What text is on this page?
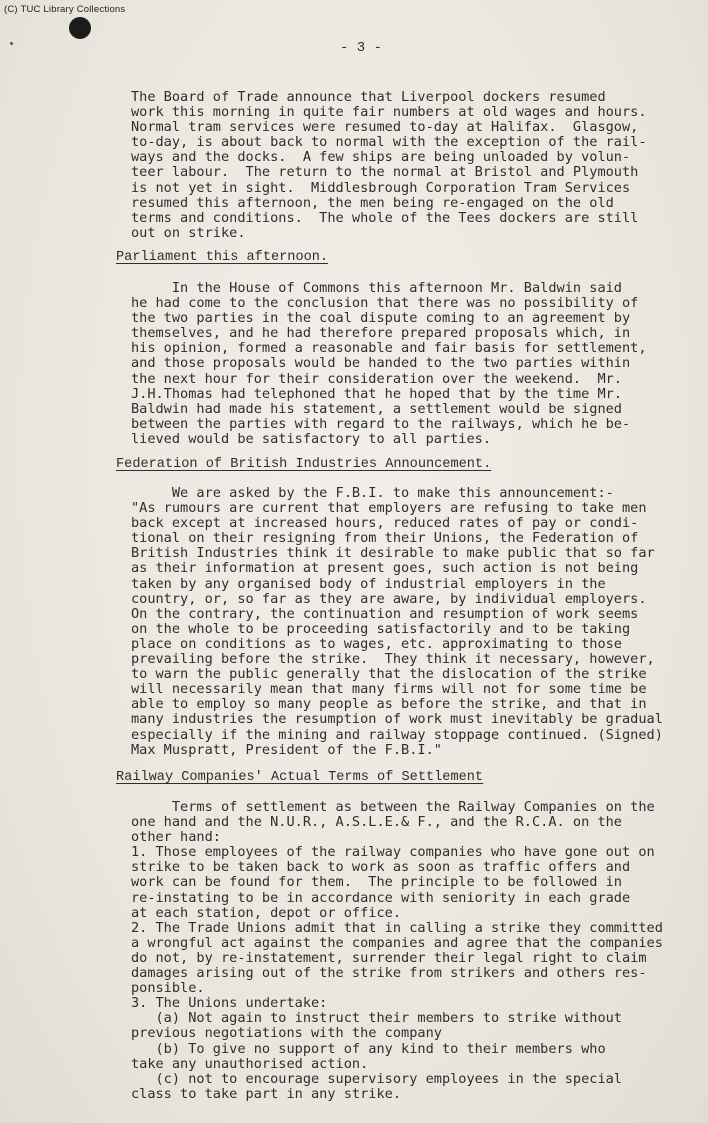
(C) TUC Library Collections
- 3 -
The Board of Trade announce that Liverpool dockers resumed
work this morning in quite fair numbers at old wages and hours.
Normal tram services were resumed to-day at Halifax.  Glasgow,
to-day, is about back to normal with the exception of the rail-
ways and the docks.  A few ships are being unloaded by volun-
teer labour.  The return to the normal at Bristol and Plymouth
is not yet in sight.  Middlesbrough Corporation Tram Services
resumed this afternoon, the men being re-engaged on the old
terms and conditions.  The whole of the Tees dockers are still
out on strike.
Parliament this afternoon.
In the House of Commons this afternoon Mr. Baldwin said
he had come to the conclusion that there was no possibility of
the two parties in the coal dispute coming to an agreement by
themselves, and he had therefore prepared proposals which, in
his opinion, formed a reasonable and fair basis for settlement,
and those proposals would be handed to the two parties within
the next hour for their consideration over the weekend.  Mr.
J.H.Thomas had telephoned that he hoped that by the time Mr.
Baldwin had made his statement, a settlement would be signed
between the parties with regard to the railways, which he be-
lieved would be satisfactory to all parties.
Federation of British Industries Announcement.
We are asked by the F.B.I. to make this announcement:-
"As rumours are current that employers are refusing to take men
back except at increased hours, reduced rates of pay or condi-
tional on their resigning from their Unions, the Federation of
British Industries think it desirable to make public that so far
as their information at present goes, such action is not being
taken by any organised body of industrial employers in the
country, or, so far as they are aware, by individual employers.
On the contrary, the continuation and resumption of work seems
on the whole to be proceeding satisfactorily and to be taking
place on conditions as to wages, etc. approximating to those
prevailing before the strike.  They think it necessary, however,
to warn the public generally that the dislocation of the strike
will necessarily mean that many firms will not for some time be
able to employ so many people as before the strike, and that in
many industries the resumption of work must inevitably be gradual
especially if the mining and railway stoppage continued. (Signed)
Max Muspratt, President of the F.B.I."
Railway Companies' Actual Terms of Settlement
Terms of settlement as between the Railway Companies on the
one hand and the N.U.R., A.S.L.E.& F., and the R.C.A. on the
other hand:
1. Those employees of the railway companies who have gone out on
strike to be taken back to work as soon as traffic offers and
work can be found for them.  The principle to be followed in
re-instating to be in accordance with seniority in each grade
at each station, depot or office.
2. The Trade Unions admit that in calling a strike they committed
a wrongful act against the companies and agree that the companies
do not, by re-instatement, surrender their legal right to claim
damages arising out of the strike from strikers and others res-
ponsible.
3. The Unions undertake:
(a) Not again to instruct their members to strike without
previous negotiations with the company
(b) To give no support of any kind to their members who
take any unauthorised action.
(c) not to encourage supervisory employees in the special
class to take part in any strike.
